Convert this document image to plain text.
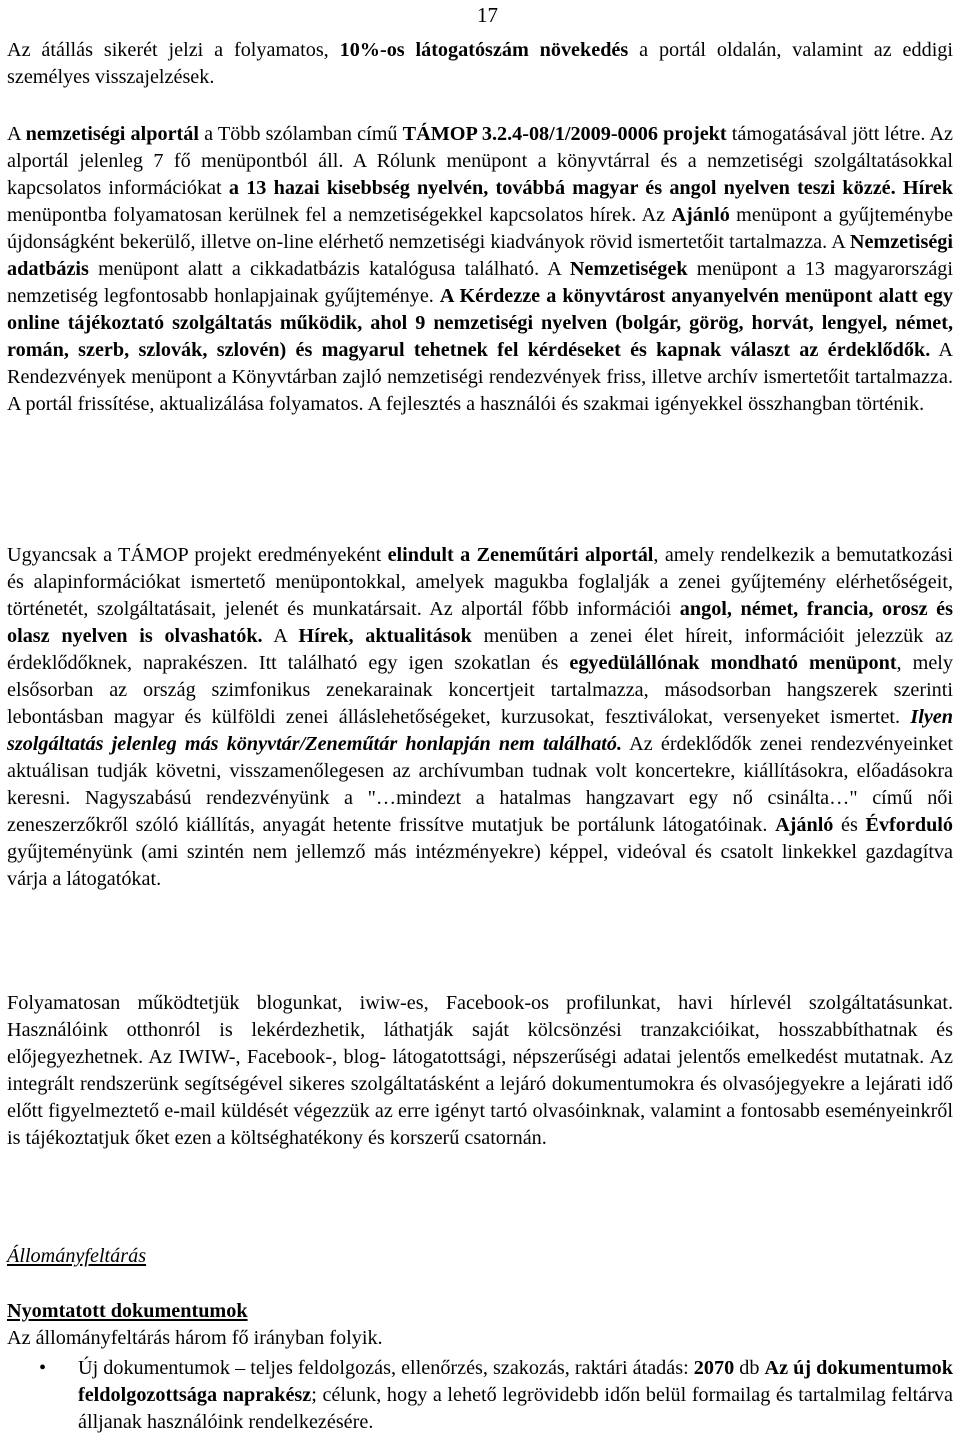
17

Az átállás sikerét jelzi a folyamatos, 10%-os látogatószám növekedés a portál oldalán, valamint az eddigi személyes visszajelzések.

A nemzetiségi alportál a Több szólamban című TÁMOP 3.2.4-08/1/2009-0006 projekt támogatásával jött létre. Az alportál jelenleg 7 fő menüpontból áll. A Rólunk menüpont a könyvtárral és a nemzetiségi szolgáltatásokkal kapcsolatos információkat a 13 hazai kisebbség nyelvén, továbbá magyar és angol nyelven teszi közzé. Hírek menüpontba folyamatosan kerülnek fel a nemzetiségekkel kapcsolatos hírek. Az Ajánló menüpont a gyűjteménybe újdonságként bekerülő, illetve on-line elérhető nemzetiségi kiadványok rövid ismertetőit tartalmazza. A Nemzetiségi adatbázis menüpont alatt a cikkadatbázis katalógusa található. A Nemzetiségek menüpont a 13 magyarországi nemzetiség legfontosabb honlapjainak gyűjteménye. A Kérdezze a könyvtárost anyanyelvén menüpont alatt egy online tájékoztató szolgáltatás működik, ahol 9 nemzetiségi nyelven (bolgár, görög, horvát, lengyel, német, román, szerb, szlovák, szlovén) és magyarul tehetnek fel kérdéseket és kapnak választ az érdeklődők. A Rendezvények menüpont a Könyvtárban zajló nemzetiségi rendezvények friss, illetve archív ismertetőit tartalmazza. A portál frissítése, aktualizálása folyamatos. A fejlesztés a használói és szakmai igényekkel összhangban történik.

Ugyancsak a TÁMOP projekt eredményeként elindult a Zeneműtári alportál, amely rendelkezik a bemutatkozási és alapinformációkat ismertető menüpontokkal, amelyek magukba foglalják a zenei gyűjtemény elérhetőségeit, történetét, szolgáltatásait, jelenét és munkatársait. Az alportál főbb információi angol, német, francia, orosz és olasz nyelven is olvashatók. A Hírek, aktualitások menüben a zenei élet híreit, információit jelezzük az érdeklődőknek, naprakészen. Itt található egy igen szokatlan és egyedülállónak mondható menüpont, mely elsősorban az ország szimfonikus zenekarainak koncertjeit tartalmazza, másodsorban hangszerek szerinti lebontásban magyar és külföldi zenei álláslehetőségeket, kurzusokat, fesztiválokat, versenyeket ismertet. Ilyen szolgáltatás jelenleg más könyvtár/Zeneműtár honlapján nem található. Az érdeklődők zenei rendezvényeinket aktuálisan tudják követni, visszamenőlegesen az archívumban tudnak volt koncertekre, kiállításokra, előadásokra keresni. Nagyszabású rendezvényünk a "…mindezt a hatalmas hangzavart egy nő csinálta…" című női zeneszerzőkről szóló kiállítás, anyagát hetente frissítve mutatjuk be portálunk látogatóinak. Ajánló és Évforduló gyűjteményünk (ami szintén nem jellemző más intézményekre) képpel, videóval és csatolt linkekkel gazdagítva várja a látogatókat.

Folyamatosan működtetjük blogunkat, iwiw-es, Facebook-os profilunkat, havi hírlevél szolgáltatásunkat. Használóink otthonról is lekérdezhetik, láthatják saját kölcsönzési tranzakcióikat, hosszabbíthatnak és előjegyezhetnek. Az IWIW-, Facebook-, blog- látogatottsági, népszerűségi adatai jelentős emelkedést mutatnak. Az integrált rendszerünk segítségével sikeres szolgáltatásként a lejáró dokumentumokra és olvasójegyekre a lejárati idő előtt figyelmeztető e-mail küldését végezzük az erre igényt tartó olvasóinknak, valamint a fontosabb eseményeinkről is tájékoztatjuk őket ezen a költséghatékony és korszerű csatornán.

Állományfeltárás
Nyomtatott dokumentumok

Az állományfeltárás három fő irányban folyik.

• Új dokumentumok – teljes feldolgozás, ellenőrzés, szakozás, raktári átadás: 2070 db Az új dokumentumok feldolgozottsága naprakész; célunk, hogy a lehető legrövidebb időn belül formailag és tartalmilag feltárva álljanak használóink rendelkezésére.
